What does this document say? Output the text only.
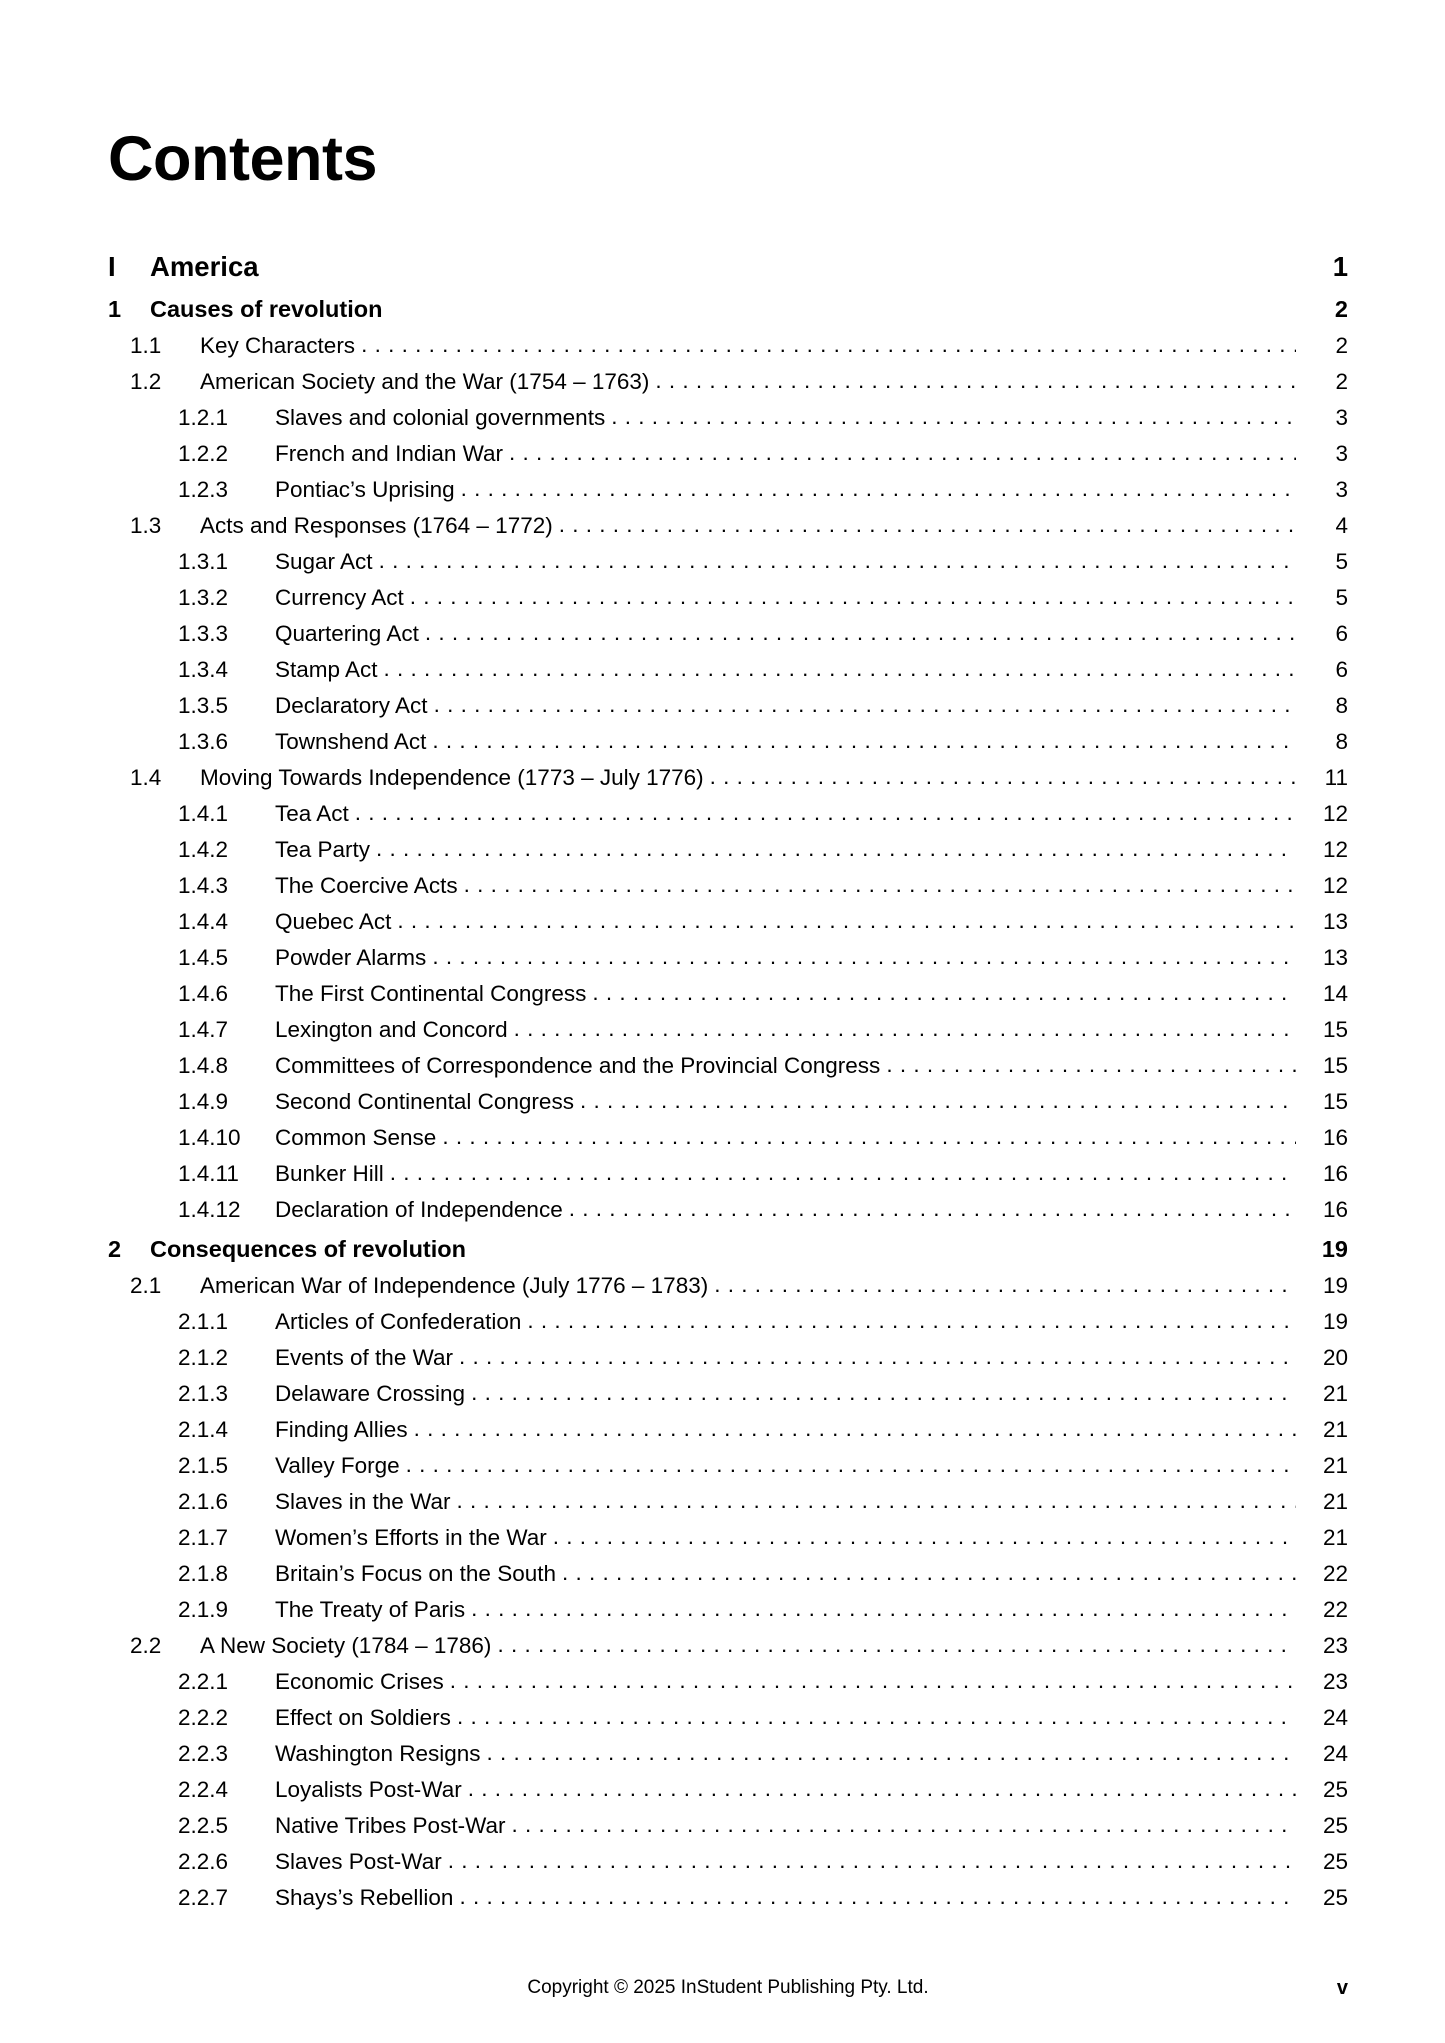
Contents
I	America	1
1	Causes of revolution	2
1.1	Key Characters . . .	2
1.2	American Society and the War (1754 – 1763) . . .	2
1.2.1	Slaves and colonial governments . . .	3
1.2.2	French and Indian War . . .	3
1.2.3	Pontiac’s Uprising . . .	3
1.3	Acts and Responses (1764 – 1772) . . .	4
1.3.1	Sugar Act . . .	5
1.3.2	Currency Act . . .	5
1.3.3	Quartering Act . . .	6
1.3.4	Stamp Act . . .	6
1.3.5	Declaratory Act . . .	8
1.3.6	Townshend Act . . .	8
1.4	Moving Towards Independence (1773 – July 1776) . . .	11
1.4.1	Tea Act . . .	12
1.4.2	Tea Party . . .	12
1.4.3	The Coercive Acts . . .	12
1.4.4	Quebec Act . . .	13
1.4.5	Powder Alarms . . .	13
1.4.6	The First Continental Congress . . .	14
1.4.7	Lexington and Concord . . .	15
1.4.8	Committees of Correspondence and the Provincial Congress . . .	15
1.4.9	Second Continental Congress . . .	15
1.4.10	Common Sense . . .	16
1.4.11	Bunker Hill . . .	16
1.4.12	Declaration of Independence . . .	16
2	Consequences of revolution	19
2.1	American War of Independence (July 1776 – 1783) . . .	19
2.1.1	Articles of Confederation . . .	19
2.1.2	Events of the War . . .	20
2.1.3	Delaware Crossing . . .	21
2.1.4	Finding Allies . . .	21
2.1.5	Valley Forge . . .	21
2.1.6	Slaves in the War . . .	21
2.1.7	Women’s Efforts in the War . . .	21
2.1.8	Britain’s Focus on the South . . .	22
2.1.9	The Treaty of Paris . . .	22
2.2	A New Society (1784 – 1786) . . .	23
2.2.1	Economic Crises . . .	23
2.2.2	Effect on Soldiers . . .	24
2.2.3	Washington Resigns . . .	24
2.2.4	Loyalists Post-War . . .	25
2.2.5	Native Tribes Post-War . . .	25
2.2.6	Slaves Post-War . . .	25
2.2.7	Shays’s Rebellion . . .	25
Copyright © 2025 InStudent Publishing Pty. Ltd.	v
